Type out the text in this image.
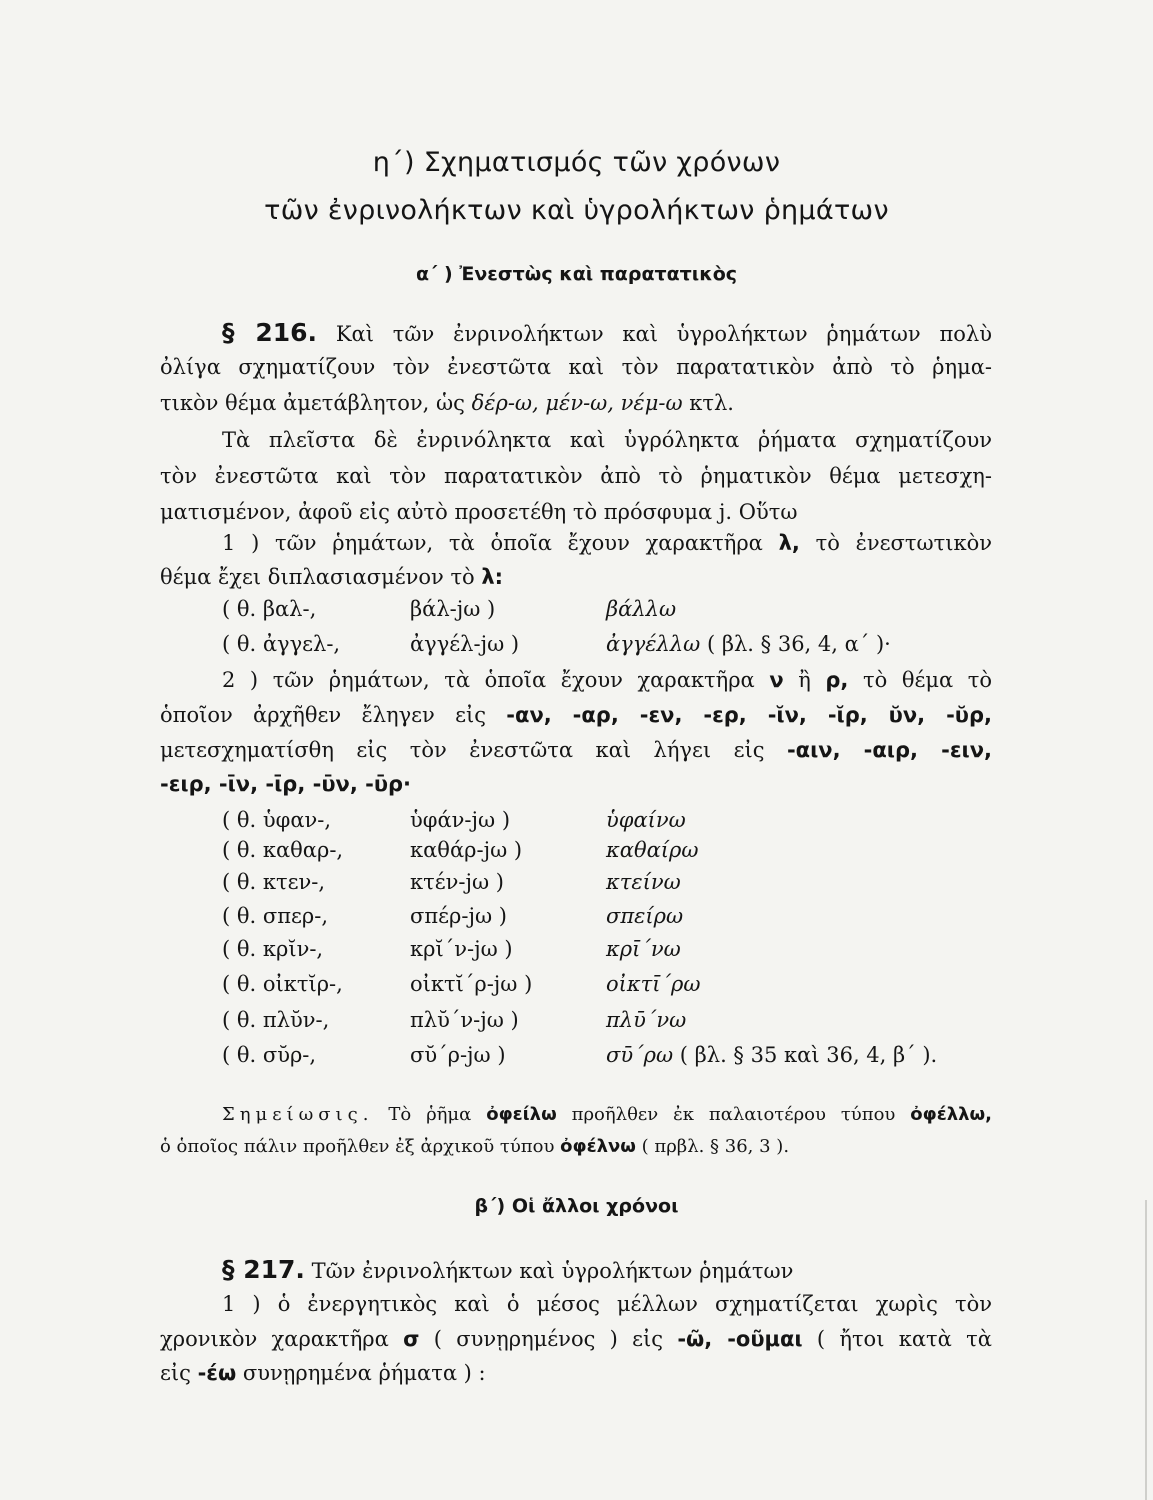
η΄) Σχηματισμός τῶν χρόνων
τῶν ἐνρινολήκτων καὶ ὑγρολήκτων ῥημάτων
α΄ ) Ἐνεστὼς καὶ παρατατικὸς
§ 216. Καὶ τῶν ἐνρινολήκτων καὶ ὑγρολήκτων ῥημάτων πολὺ
ὀλίγα σχηματίζουν τὸν ἐνεστῶτα καὶ τὸν παρατατικὸν ἀπὸ τὸ ῥημα-
τικὸν θέμα ἀμετάβλητον, ὡς δέρ-ω, μέν-ω, νέμ-ω κτλ.
Τὰ πλεῖστα δὲ ἐνρινόληκτα καὶ ὑγρόληκτα ῥήματα σχηματίζουν
τὸν ἐνεστῶτα καὶ τὸν παρατατικὸν ἀπὸ τὸ ῥηματικὸν θέμα μετεσχη-
ματισμένον, ἀφοῦ εἰς αὐτὸ προσετέθη τὸ πρόσφυμα j. Οὕτω
1 ) τῶν ῥημάτων, τὰ ὁποῖα ἔχουν χαρακτῆρα λ, τὸ ἐνεστωτικὸν
θέμα ἔχει διπλασιασμένον τὸ λ:
( θ. βαλ-,	βάλ-jω )	βάλλω
( θ. ἀγγελ-,	ἀγγέλ-jω )	ἀγγέλλω ( βλ. § 36, 4, α΄ )·
2 ) τῶν ῥημάτων, τὰ ὁποῖα ἔχουν χαρακτῆρα ν ἢ ρ, τὸ θέμα τὸ
ὁποῖον ἀρχῆθεν ἔληγεν εἰς -αν, -αρ, -εν, -ερ, -ῐν, -ῐρ, ῠν, -ῠρ,
μετεσχηματίσθη εἰς τὸν ἐνεστῶτα καὶ λήγει εἰς -αιν, -αιρ, -ειν,
-ειρ, -ῑν, -ῑρ, -ῡν, -ῡρ·
( θ. ὑφαν-,	ὑφάν-jω )	ὑφαίνω
( θ. καθαρ-,	καθάρ-jω )	καθαίρω
( θ. κτεν-,	κτέν-jω )	κτείνω
( θ. σπερ-,	σπέρ-jω )	σπείρω
( θ. κρῐν-,	κρῐ΄ν-jω )	κρῑ΄νω
( θ. οἰκτῐρ-,	οἰκτῐ΄ρ-jω )	οἰκτῑ΄ρω
( θ. πλῠν-,	πλῠ΄ν-jω )	πλῡ΄νω
( θ. σῠρ-,	σῠ΄ρ-jω )	σῡ΄ρω ( βλ. § 35 καὶ 36, 4, β΄ ).
Σημείωσις. Τὸ ῥῆμα ὀφείλω προῆλθεν ἐκ παλαιοτέρου τύπου ὀφέλλω,
ὁ ὁποῖος πάλιν προῆλθεν ἐξ ἀρχικοῦ τύπου ὀφέλνω ( πρβλ. § 36, 3 ).
β΄) Οἱ ἄλλοι χρόνοι
§ 217. Τῶν ἐνρινολήκτων καὶ ὑγρολήκτων ῥημάτων
1 ) ὁ ἐνεργητικὸς καὶ ὁ μέσος μέλλων σχηματίζεται χωρὶς τὸν
χρονικὸν χαρακτῆρα σ ( συνῃρημένος ) εἰς -ῶ, -οῦμαι ( ἤτοι κατὰ τὰ
εἰς -έω συνῃρημένα ῥήματα ) :
